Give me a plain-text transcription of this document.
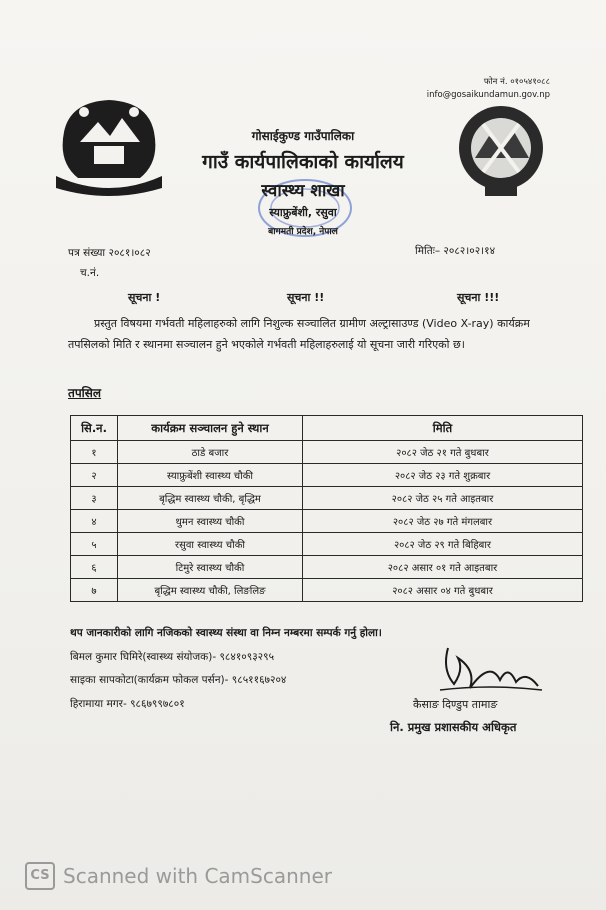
फोन नं. ०१०५४१०८८
info@gosaikundamun.gov.np
गोसाईकुण्ड गाउँपालिका
गाउँ कार्यपालिकाको कार्यालय
स्वास्थ्य शाखा
स्याफ्रुबेंशी, रसुवा
बागमती प्रदेश, नेपाल
पत्र संख्या २०८१।०८२	मितिः– २०८२।०२।१४
च.नं.
सूचना !	सूचना !!	सूचना !!!
प्रस्तुत विषयमा गर्भवती महिलाहरुको लागि निशुल्क सञ्चालित ग्रामीण अल्ट्रासाउण्ड (Video X-ray) कार्यक्रम तपसिलको मिति र स्थानमा सञ्चालन हुने भएकोले गर्भवती महिलाहरुलाई यो सूचना जारी गरिएको छ।
तपसिल
सि.न.	कार्यक्रम सञ्चालन हुने स्थान	मिति
१	ठाडे बजार	२०८२ जेठ २१ गते बुधबार
२	स्याफ्रुबेंशी स्वास्थ्य चौकी	२०८२ जेठ २३ गते शुक्रबार
३	बृद्धिम स्वास्थ्य चौकी, बृद्धिम	२०८२ जेठ २५ गते आइतबार
४	थुमन स्वास्थ्य चौकी	२०८२ जेठ २७ गते मंगलबार
५	रसुवा स्वास्थ्य चौकी	२०८२ जेठ २९ गते बिहिबार
६	टिमुरे स्वास्थ्य चौकी	२०८२ असार ०१ गते आइतबार
७	बृद्धिम स्वास्थ्य चौकी, लिङलिङ	२०८२ असार ०४ गते बुधबार
थप जानकारीको लागि नजिकको स्वास्थ्य संस्था वा निम्न नम्बरमा सम्पर्क गर्नु होला।
बिमल कुमार घिमिरे(स्वास्थ्य संयोजक)- ९८४१०९३२९५
साइका सापकोटा(कार्यक्रम फोकल पर्सन)- ९८५११६७२०४
हिरामाया मगर- ९८६७९९७८०१	कैसाङ दिण्डुप तामाङ
नि. प्रमुख प्रशासकीय अधिकृत
CS Scanned with CamScanner
